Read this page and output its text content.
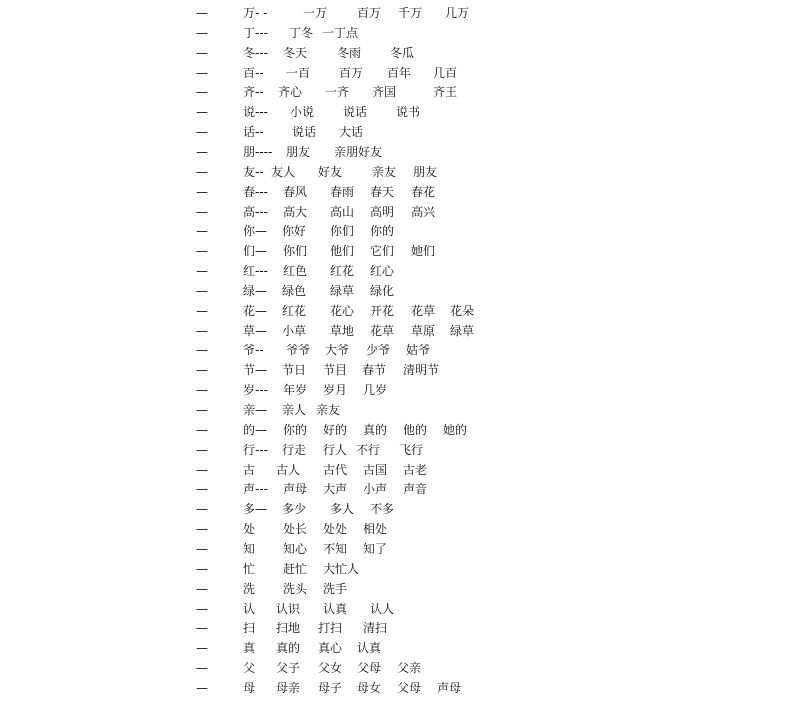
—	万- -	一万 百万 千万 几万
—	丁--- 丁冬 一丁点
—	冬--- 冬天 冬雨 冬瓜
—	百-- 一百 百万 百年 几百
—	齐-- 齐心 一齐 齐国	齐王
—	说--- 小说 说话 说书
—	话-- 说话 大话
—	朋---- 朋友 亲朋好友
—	友-- 友人 好友 亲友 朋友
—	春--- 春风 春雨 春天 春花
—	高--- 高大 高山 高明 高兴
—	你— 你好 你们 你的
—	们— 你们 他们 它们 她们
—	红--- 红色 红花 红心
—	绿— 绿色 绿草 绿化
—	花— 红花 花心 开花 花草 花朵
—	草— 小草 草地 花草 草原 绿草
—	爷-- 爷爷 大爷 少爷 姑爷
—	节— 节日 节目 春节 清明节
—	岁--- 年岁 岁月 几岁
—	亲— 亲人 亲友
—	的— 你的 好的 真的 他的 她的
—	行--- 行走 行人 不行 飞行
—	古 古人 古代 古国 古老
—	声--- 声母 大声 小声 声音
—	多— 多少 多人 不多
—	处 处长 处处 相处
—	知 知心 不知 知了
—	忙 赶忙 大忙人
—	洗 洗头 洗手
—	认 认识 认真 认人
—	扫 扫地 打扫 清扫
—	真 真的 真心 认真
—	父 父子 父女 父母 父亲
—	母 母亲 母子 母女 父母 声母
